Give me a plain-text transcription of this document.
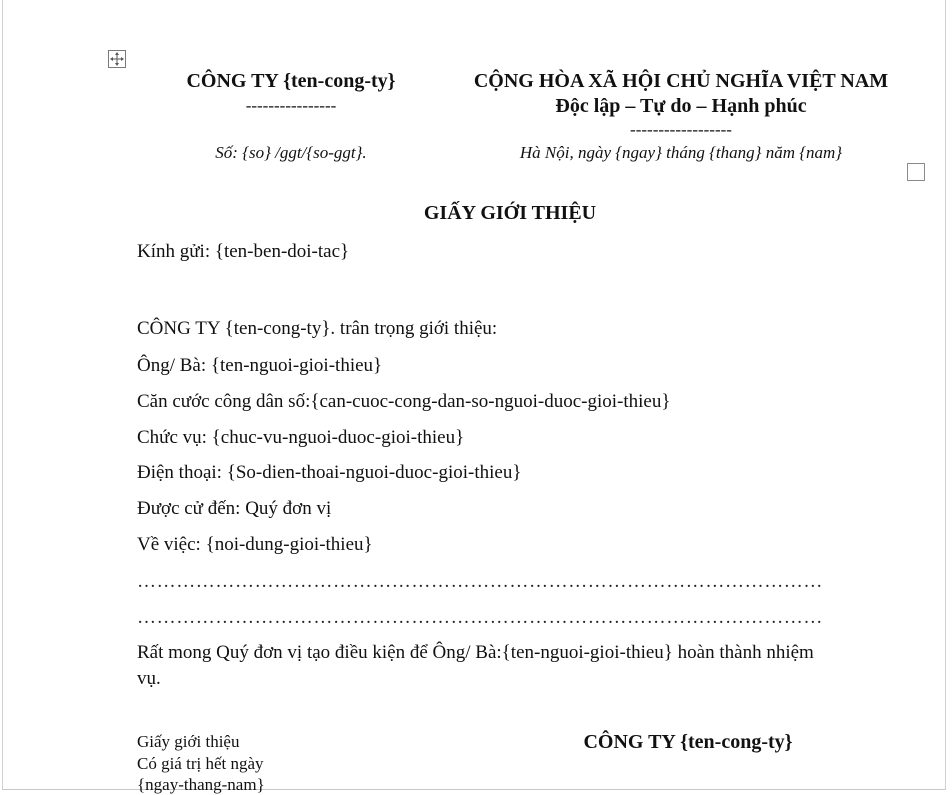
CÔNG TY {ten-cong-ty}
----------------
Số: {so} /ggt/{so-ggt}.
CỘNG HÒA XÃ HỘI CHỦ NGHĨA VIỆT NAM
Độc lập – Tự do – Hạnh phúc
------------------
Hà Nội, ngày {ngay} tháng {thang} năm {nam}
GIẤY GIỚI THIỆU
Kính gửi: {ten-ben-doi-tac}
CÔNG TY {ten-cong-ty}. trân trọng giới thiệu:
Ông/ Bà: {ten-nguoi-gioi-thieu}
Căn cước công dân số:{can-cuoc-cong-dan-so-nguoi-duoc-gioi-thieu}
Chức vụ: {chuc-vu-nguoi-duoc-gioi-thieu}
Điện thoại: {So-dien-thoai-nguoi-duoc-gioi-thieu}
Được cử đến: Quý đơn vị
Về việc: {noi-dung-gioi-thieu}
……………………………………………………………………………………………
……………………………………………………………………………………………
Rất mong Quý đơn vị tạo điều kiện để Ông/ Bà:{ten-nguoi-gioi-thieu} hoàn thành nhiệm
vụ.
Giấy giới thiệu
Có giá trị hết ngày
{ngay-thang-nam}
CÔNG TY {ten-cong-ty}
